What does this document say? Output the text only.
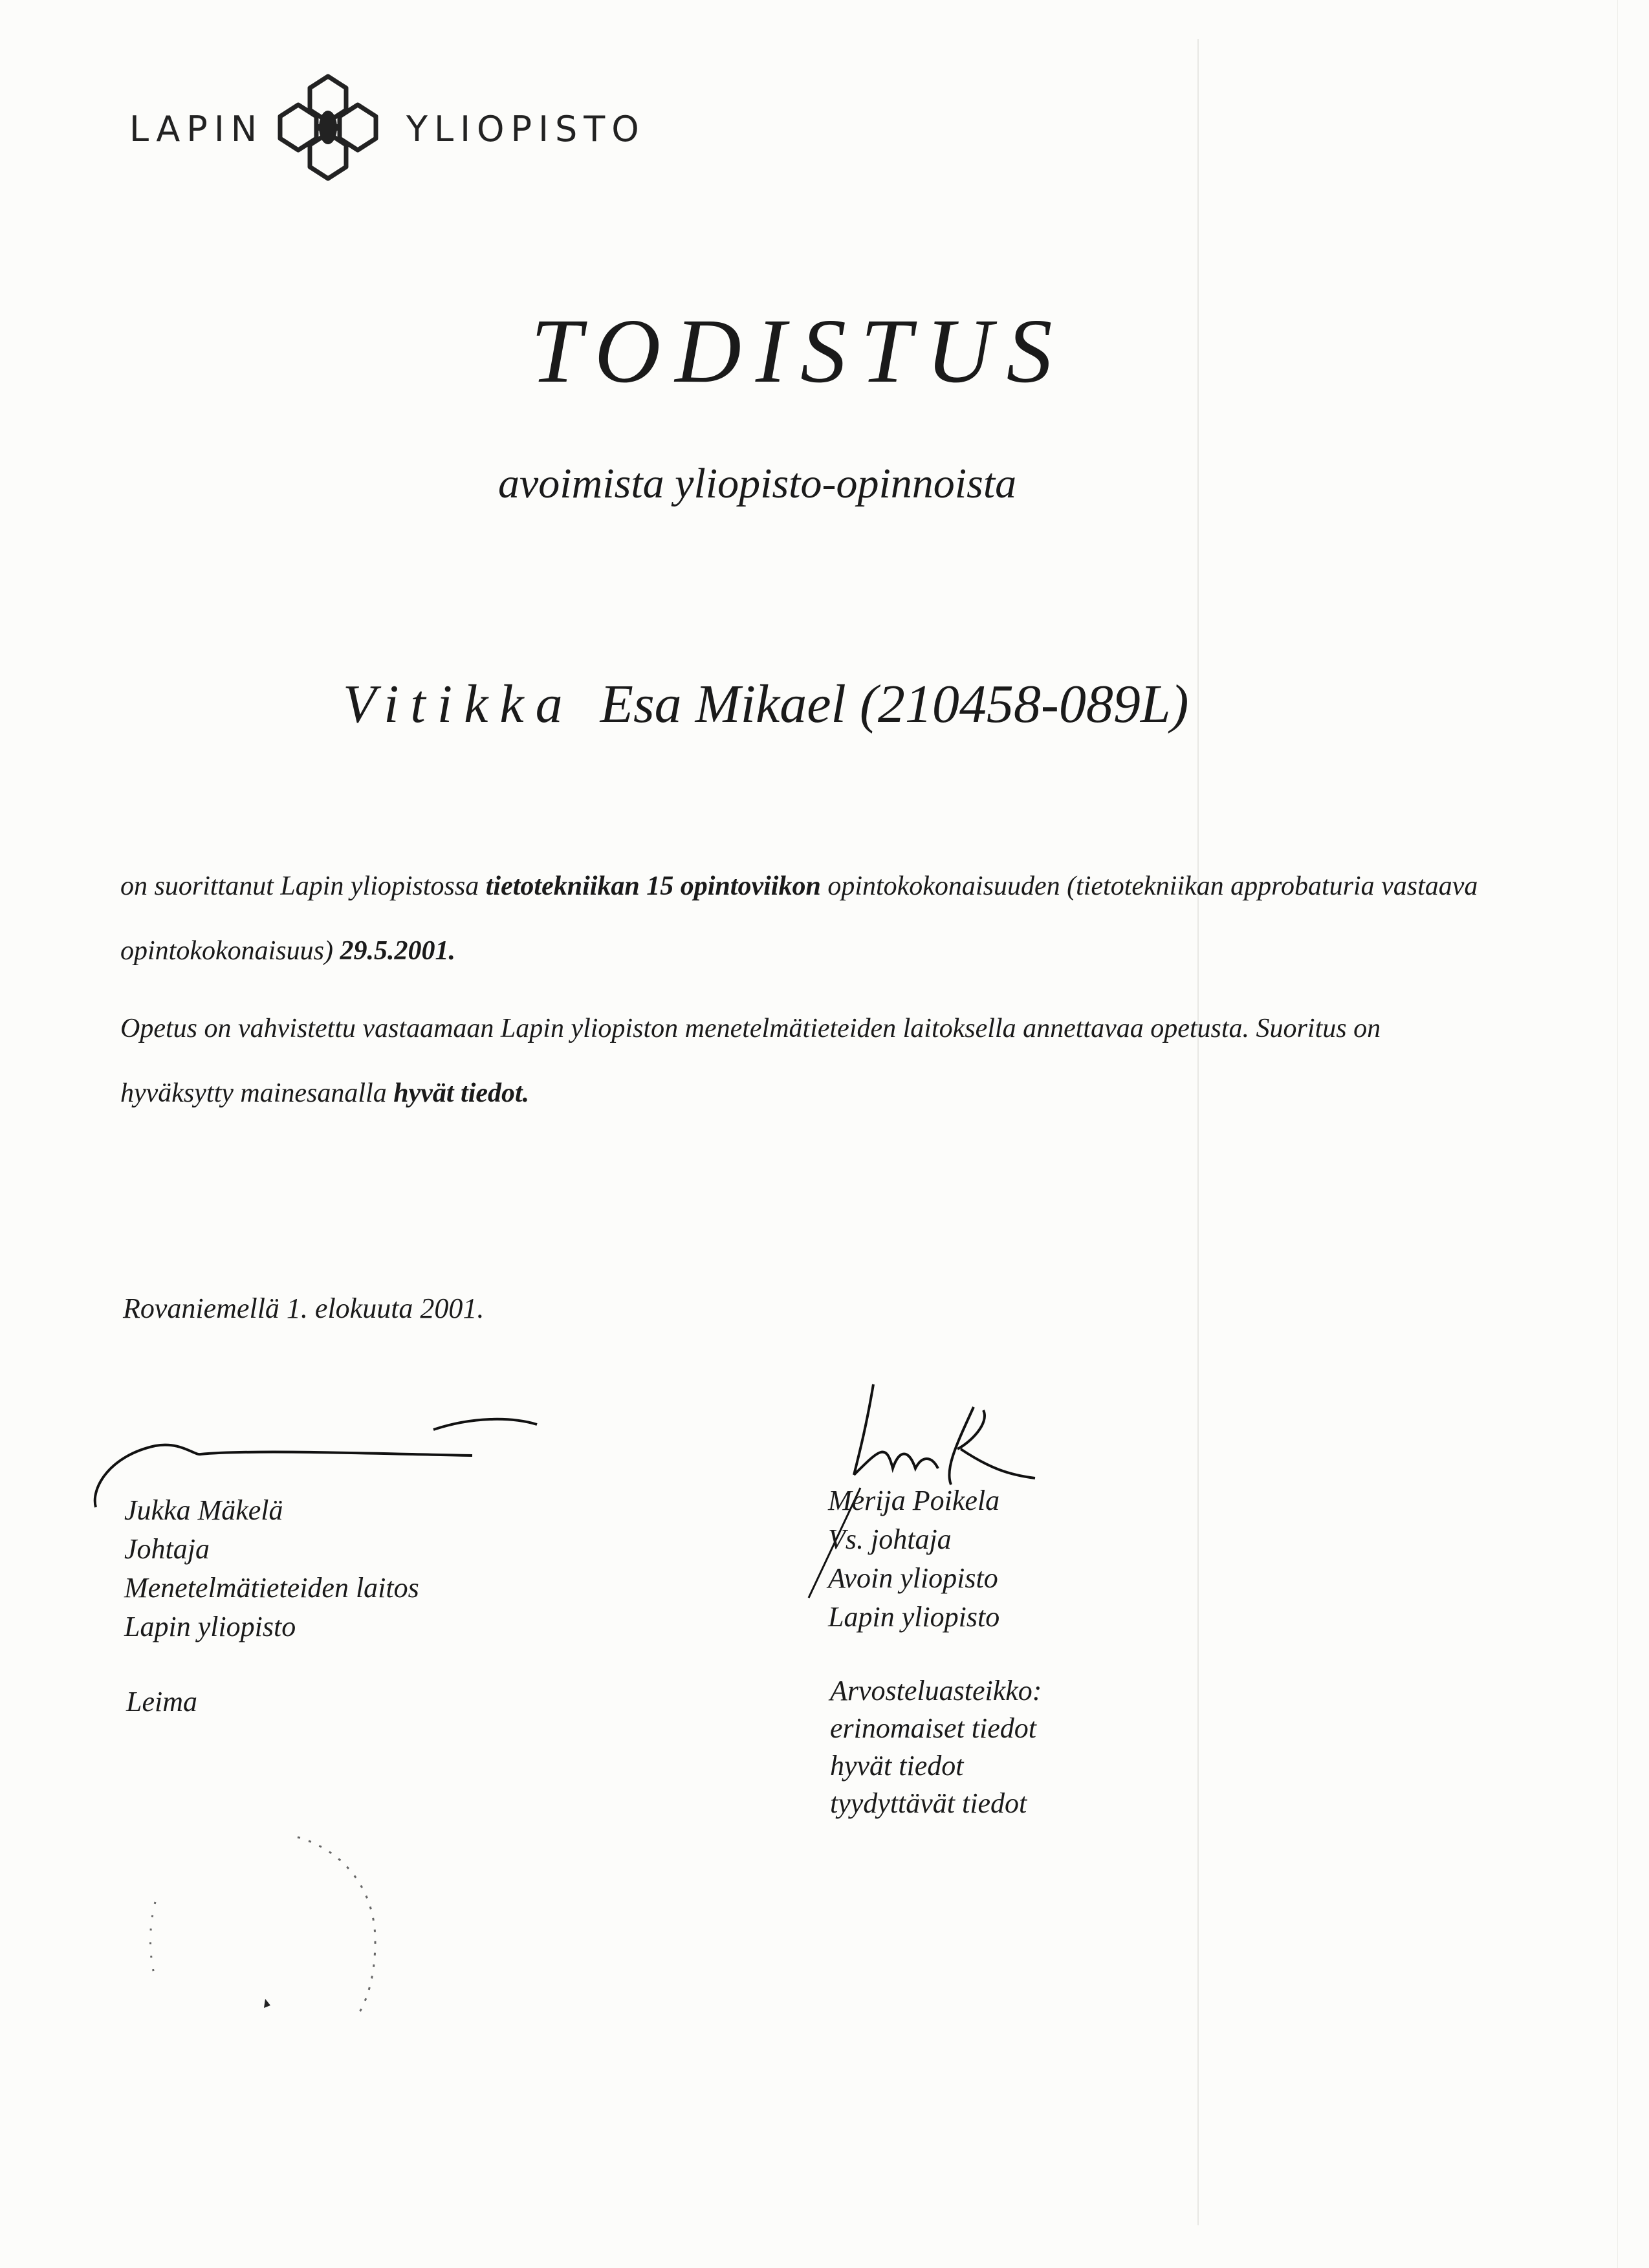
LAPIN	YLIOPISTO
TODISTUS
avoimista yliopisto-opinnoista
Vitikka Esa Mikael (210458-089L)
on suorittanut Lapin yliopistossa tietotekniikan 15 opintoviikon opintokokonaisuuden (tietotekniikan approbaturia vastaava opintokokonaisuus) 29.5.2001.
Opetus on vahvistettu vastaamaan Lapin yliopiston menetelmätieteiden laitoksella annettavaa opetusta. Suoritus on hyväksytty mainesanalla hyvät tiedot.
Rovaniemellä 1. elokuuta 2001.
Jukka Mäkelä
Johtaja
Menetelmätieteiden laitos
Lapin yliopisto
Merija Poikela
Vs. johtaja
Avoin yliopisto
Lapin yliopisto
Leima	Arvosteluasteikko:
erinomaiset tiedot
hyvät tiedot
tyydyttävät tiedot
